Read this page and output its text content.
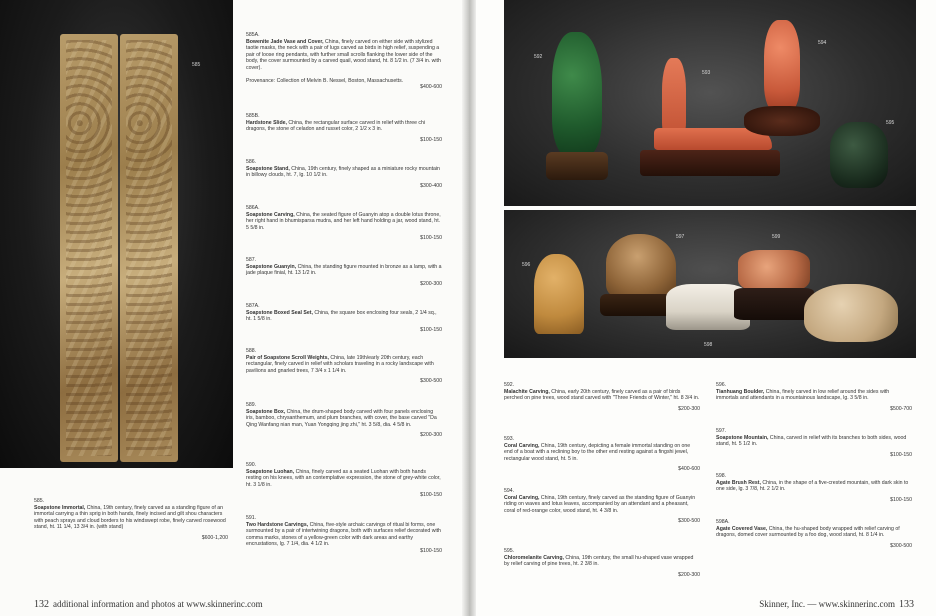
585
585.
Soapstone Immortal, China, 19th century, finely carved as a standing figure of an immortal carrying a thin sprig in both hands, finely incised and gilt shou characters with peach sprays and cloud borders to his windswept robe, finely carved rosewood stand, ht. 11 1/4, 13 3/4 in. (with stand)
$600-1,200
585A.
Bowenite Jade Vase and Cover, China, finely carved on either side with stylized taotie masks, the neck with a pair of lugs carved as birds in high relief, suspending a pair of loose ring pendants, with further small scrolls flanking the lower side of the body, the cover surmounted by a carved quail, wood stand, ht. 8 1/2 in. (7 3/4 in. with cover).
Provenance: Collection of Melvin B. Nessel, Boston, Massachusetts.
$400-600
585B.
Hardstone Slide, China, the rectangular surface carved in relief with three chi dragons, the stone of celadon and russet color, 2 1/2 x 3 in.
$100-150
586.
Soapstone Stand, China, 19th century, finely shaped as a miniature rocky mountain in billowy clouds, ht. 7, lg. 10 1/2 in.
$300-400
586A.
Soapstone Carving, China, the seated figure of Guanyin atop a double lotus throne, her right hand in bhumisparsa mudra, and her left hand holding a jar, wood stand, ht. 5 5/8 in.
$100-150
587.
Soapstone Guanyin, China, the standing figure mounted in bronze as a lamp, with a jade plaque finial, ht. 13 1/2 in.
$200-300
587A.
Soapstone Boxed Seal Set, China, the square box enclosing four seals, 2 1/4 sq., ht. 1 5/8 in.
$100-150
588.
Pair of Soapstone Scroll Weights, China, late 19th/early 20th century, each rectangular, finely carved in relief with scholars traveling in a rocky landscape with pavilions and gnarled trees, 7 3/4 x 1 1/4 in.
$300-500
589.
Soapstone Box, China, the drum-shaped body carved with four panels enclosing iris, bamboo, chrysanthemum, and plum branches, with cover, the base carved "Da Qing Wanfang nian man, Yuan Yongqing jing zhi," ht. 3 5/8, dia. 4 5/8 in.
$200-300
590.
Soapstone Luohan, China, finely carved as a seated Luohan with both hands resting on his knees, with an contemplative expression, the stone of grey-white color, ht. 3 1/8 in.
$100-150
591.
Two Hardstone Carvings, China, five-style archaic carvings of ritual bi forms, one surmounted by a pair of intertwining dragons, both with surfaces relief decorated with comma marks, stones of a yellow-green color with dark areas and earthy encrustations, lg. 7 1/4, dia. 4 1/2 in.
$100-150
132 additional information and photos at www.skinnerinc.com
592
593
594
595
596
597
598
599
592.
Malachite Carving, China, early 20th century, finely carved as a pair of birds perched on pine trees, wood stand carved with "Three Friends of Winter," ht. 8 3/4 in.
$200-300
593.
Coral Carving, China, 19th century, depicting a female immortal standing on one end of a boat with a reclining boy to the other end resting against a fingshi jewel, rectangular wood stand, ht. 5 in.
$400-600
594.
Coral Carving, China, 19th century, finely carved as the standing figure of Guanyin riding on waves and lotus leaves, accompanied by an attendant and a pheasant, coral of red-orange color, wood stand, ht. 4 3/8 in.
$300-500
595.
Chloromelanite Carving, China, 19th century, the small hu-shaped vase wrapped by relief carving of pine trees, ht. 2 3/8 in.
$200-300
596.
Tianhuang Boulder, China, finely carved in low relief around the sides with immortals and attendants in a mountainous landscape, lg. 3 5/8 in.
$500-700
597.
Soapstone Mountain, China, carved in relief with its branches to both sides, wood stand, ht. 5 1/2 in.
$100-150
598.
Agate Brush Rest, China, in the shape of a five-crested mountain, with dark skin to one side, lg. 3 7/8, ht. 2 1/2 in.
$100-150
598A.
Agate Covered Vase, China, the hu-shaped body wrapped with relief carving of dragons, domed cover surmounted by a foo dog, wood stand, ht. 8 1/4 in.
$300-500
Skinner, Inc. — www.skinnerinc.com 133
